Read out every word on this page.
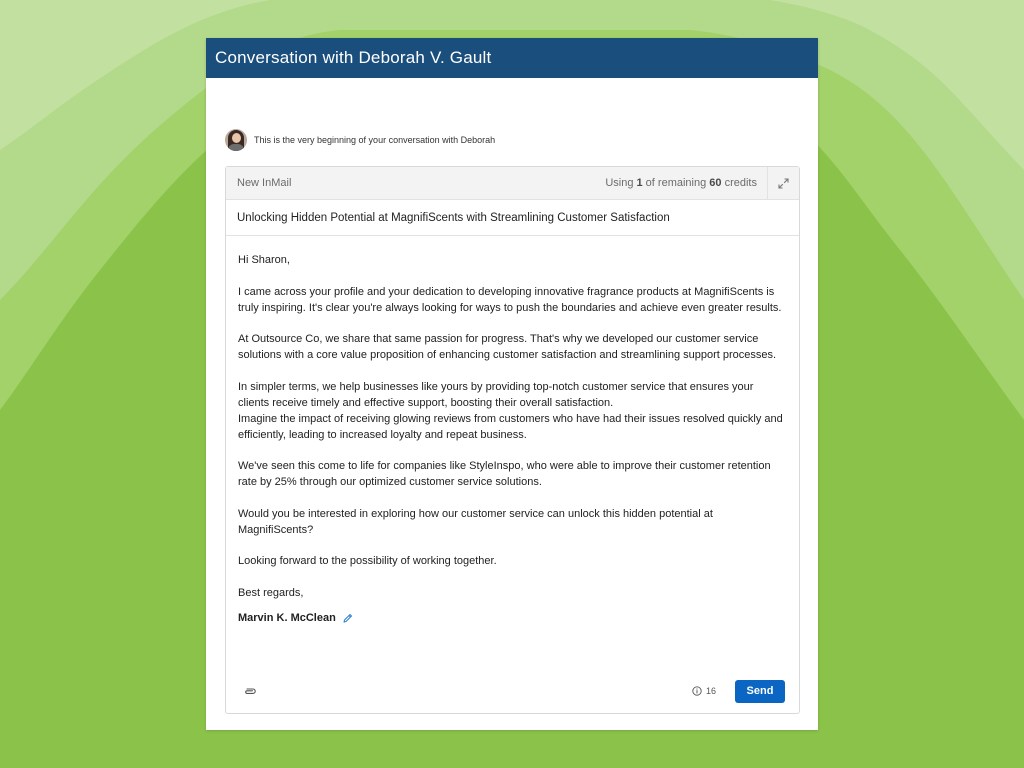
Conversation with Deborah V. Gault
This is the very beginning of your conversation with Deborah
New InMail	Using 1 of remaining 60 credits
Unlocking Hidden Potential at MagnifiScents with Streamlining Customer Satisfaction

Hi Sharon,

I came across your profile and your dedication to developing innovative fragrance products at MagnifiScents is truly inspiring. It's clear you're always looking for ways to push the boundaries and achieve even greater results.

At Outsource Co, we share that same passion for progress. That's why we developed our customer service solutions with a core value proposition of enhancing customer satisfaction and streamlining support processes.

In simpler terms, we help businesses like yours by providing top-notch customer service that ensures your clients receive timely and effective support, boosting their overall satisfaction.
Imagine the impact of receiving glowing reviews from customers who have had their issues resolved quickly and efficiently, leading to increased loyalty and repeat business.

We've seen this come to life for companies like StyleInspo, who were able to improve their customer retention rate by 25% through our optimized customer service solutions.

Would you be interested in exploring how our customer service can unlock this hidden potential at MagnifiScents?

Looking forward to the possibility of working together.

Best regards,

Marvin K. McClean
16	Send
